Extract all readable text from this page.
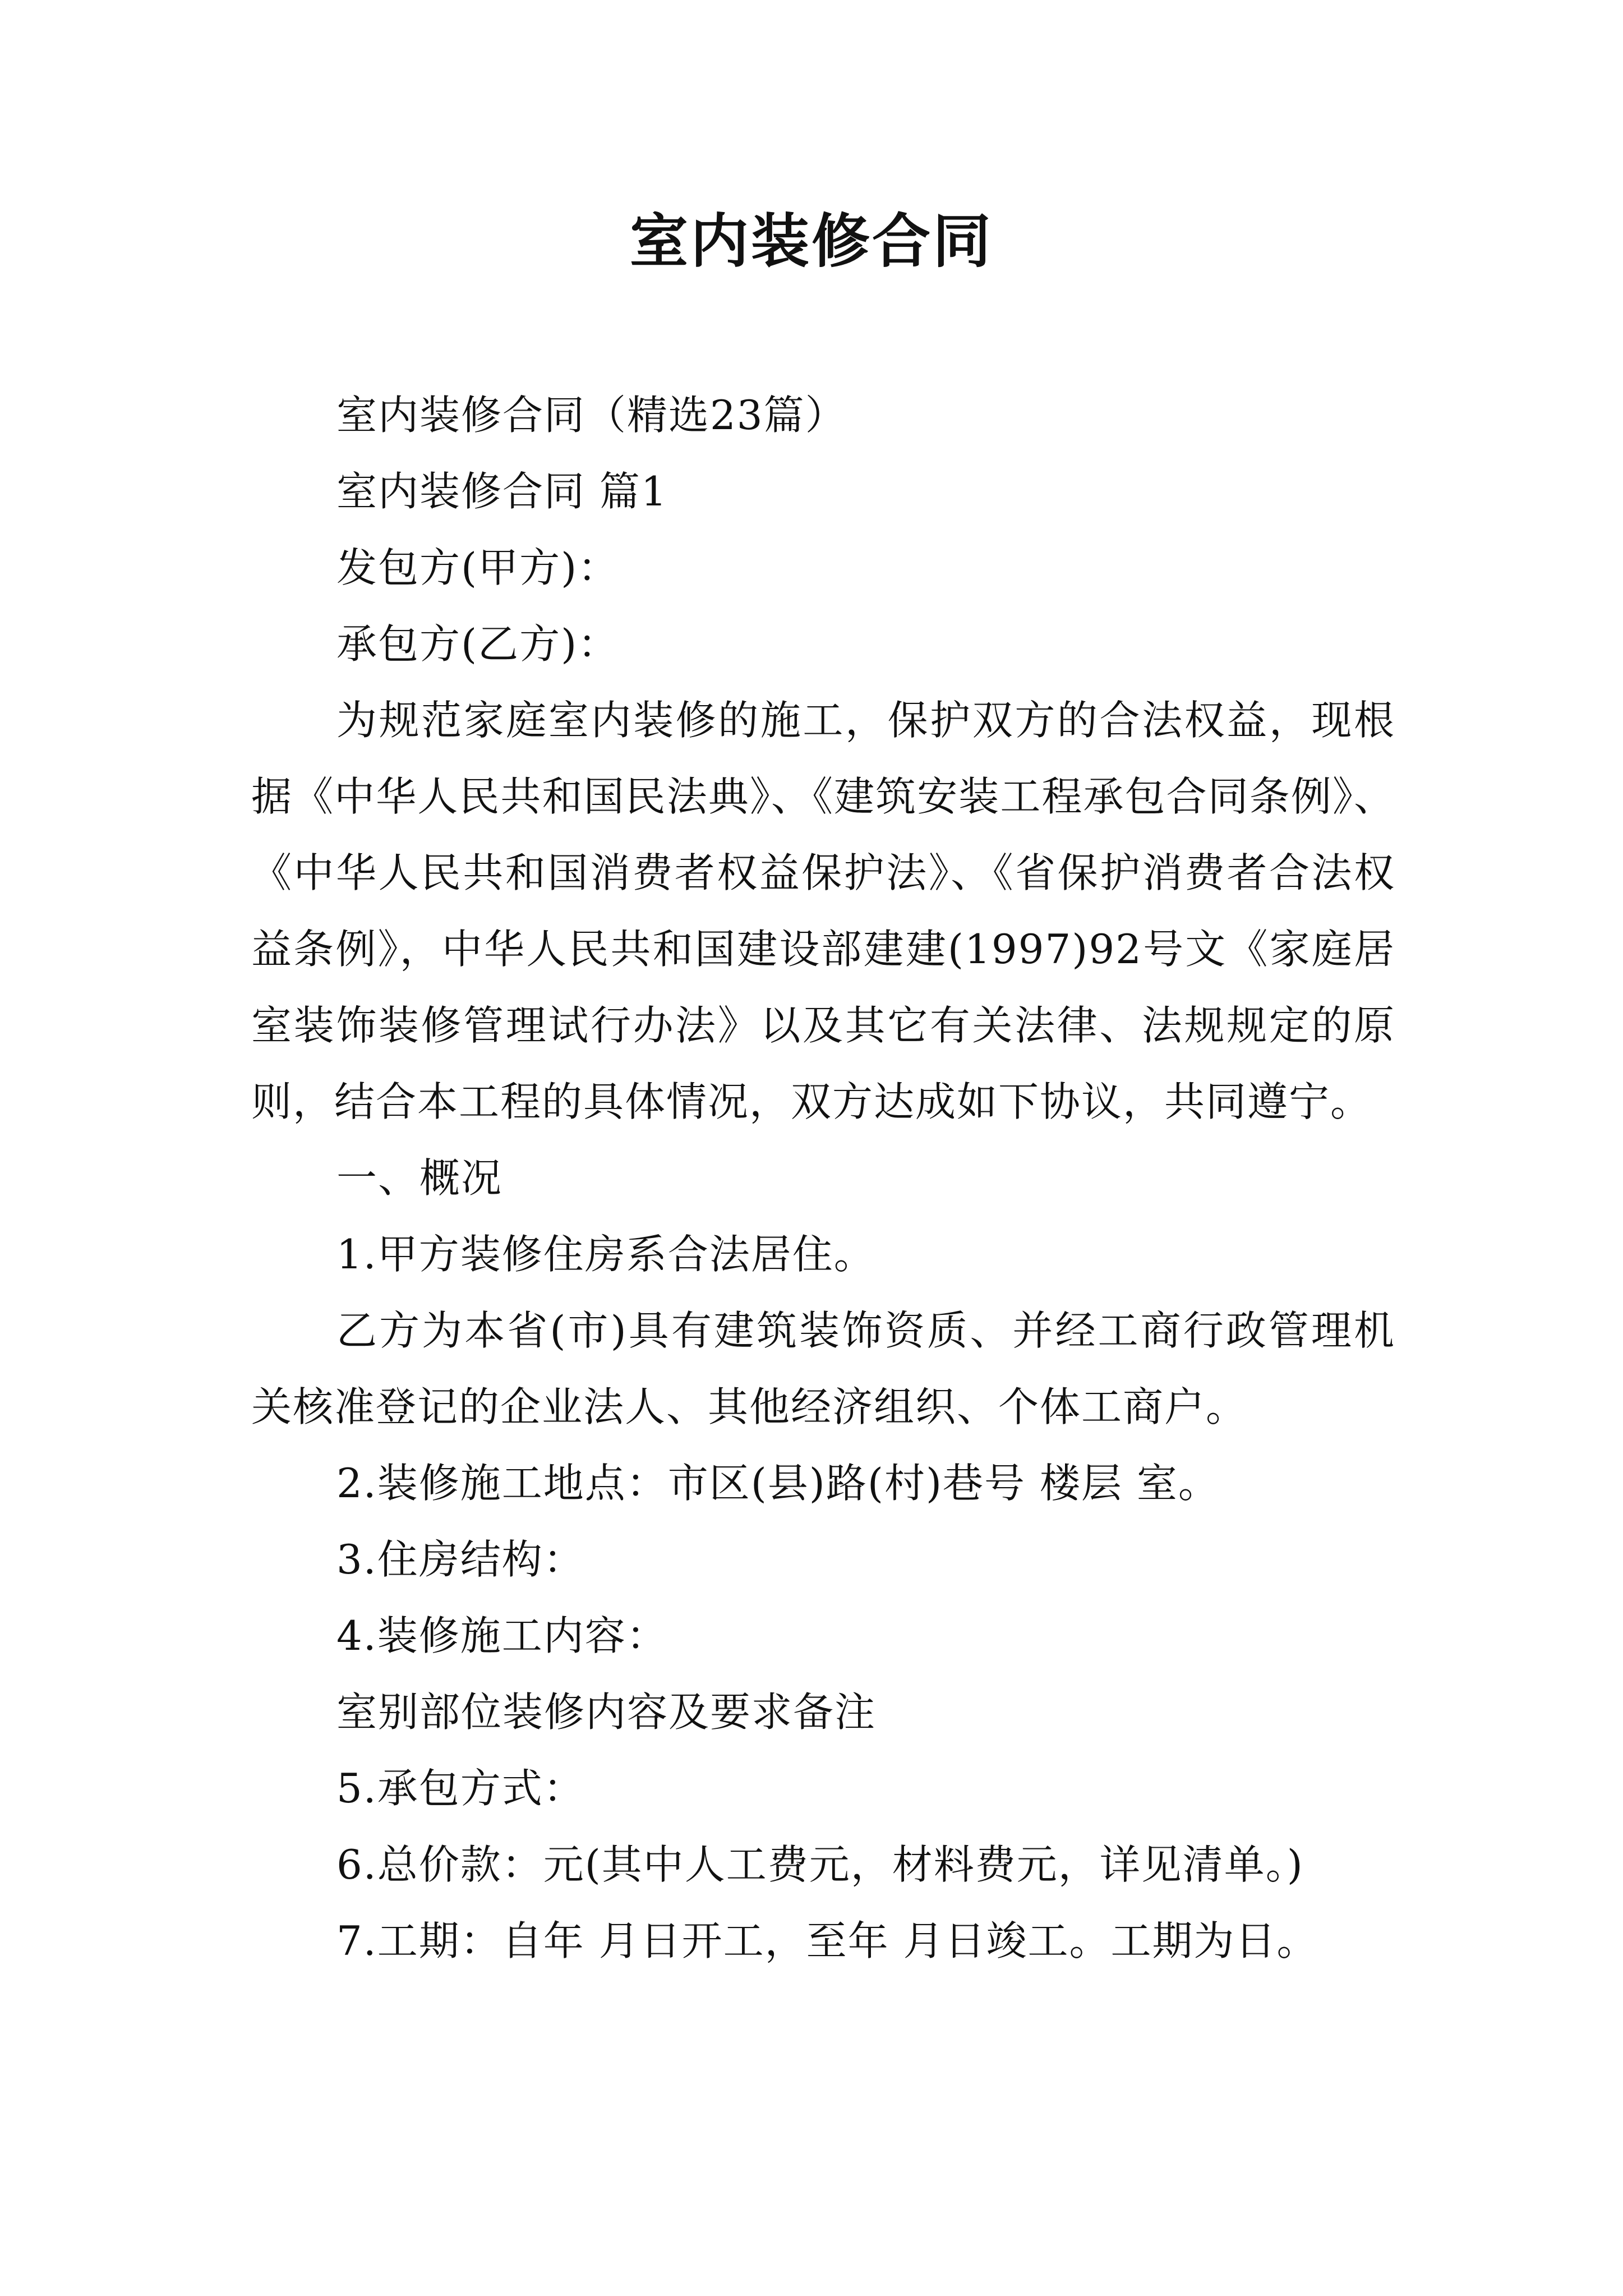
室内装修合同

室内装修合同（精选23篇）

室内装修合同 篇1

发包方(甲方)：

承包方(乙方)：

为规范家庭室内装修的施工，保护双方的合法权益，现根据《中华人民共和国民法典》、《建筑安装工程承包合同条例》、《中华人民共和国消费者权益保护法》、《省保护消费者合法权益条例》，中华人民共和国建设部建建(1997)92号文《家庭居室装饰装修管理试行办法》以及其它有关法律、法规规定的原则，结合本工程的具体情况，双方达成如下协议，共同遵宁。

一、概况

1.甲方装修住房系合法居住。

乙方为本省(市)具有建筑装饰资质、并经工商行政管理机关核准登记的企业法人、其他经济组织、个体工商户。

2.装修施工地点：市区(县)路(村)巷号 楼层 室。

3.住房结构：

4.装修施工内容：

室别部位装修内容及要求备注

5.承包方式：

6.总价款：元(其中人工费元，材料费元，详见清单。)

7.工期：自年 月日开工，至年 月日竣工。工期为日。
